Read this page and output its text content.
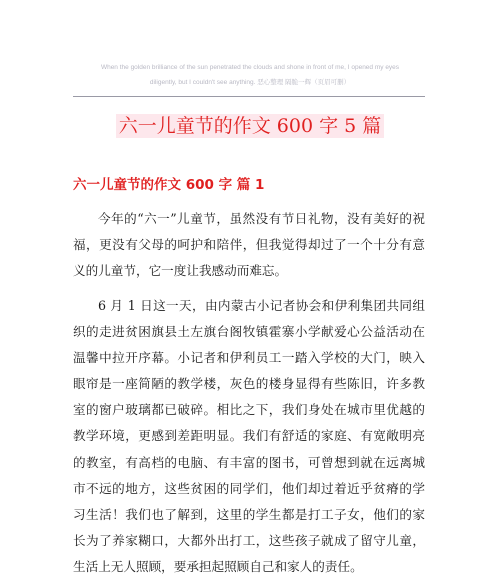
When the golden brilliance of the sun penetrated the clouds and shone in front of me, I opened my eyes
diligently, but I couldn't see anything. 恶心整理 隔脆一辉（页眉可删）
六一儿童节的作文 600 字 5 篇
六一儿童节的作文 600 字 篇 1

今年的“六一”儿童节，虽然没有节日礼物，没有美好的祝福，更没有父母的呵护和陪伴，但我觉得却过了一个十分有意义的儿童节，它一度让我感动而难忘。

6 月 1 日这一天，由内蒙古小记者协会和伊利集团共同组织的走进贫困旗县土左旗台阁牧镇霍寨小学献爱心公益活动在温馨中拉开序幕。小记者和伊利员工一踏入学校的大门，映入眼帘是一座简陋的教学楼，灰色的楼身显得有些陈旧，许多教室的窗户玻璃都已破碎。相比之下，我们身处在城市里优越的教学环境，更感到差距明显。我们有舒适的家庭、有宽敞明亮的教室，有高档的电脑、有丰富的图书，可曾想到就在远离城市不远的地方，这些贫困的同学们，他们却过着近乎贫瘠的学习生活！我们也了解到，这里的学生都是打工子女，他们的家长为了养家糊口，大都外出打工，这些孩子就成了留守儿童，生活上无人照顾，要承担起照顾自己和家人的责任。
